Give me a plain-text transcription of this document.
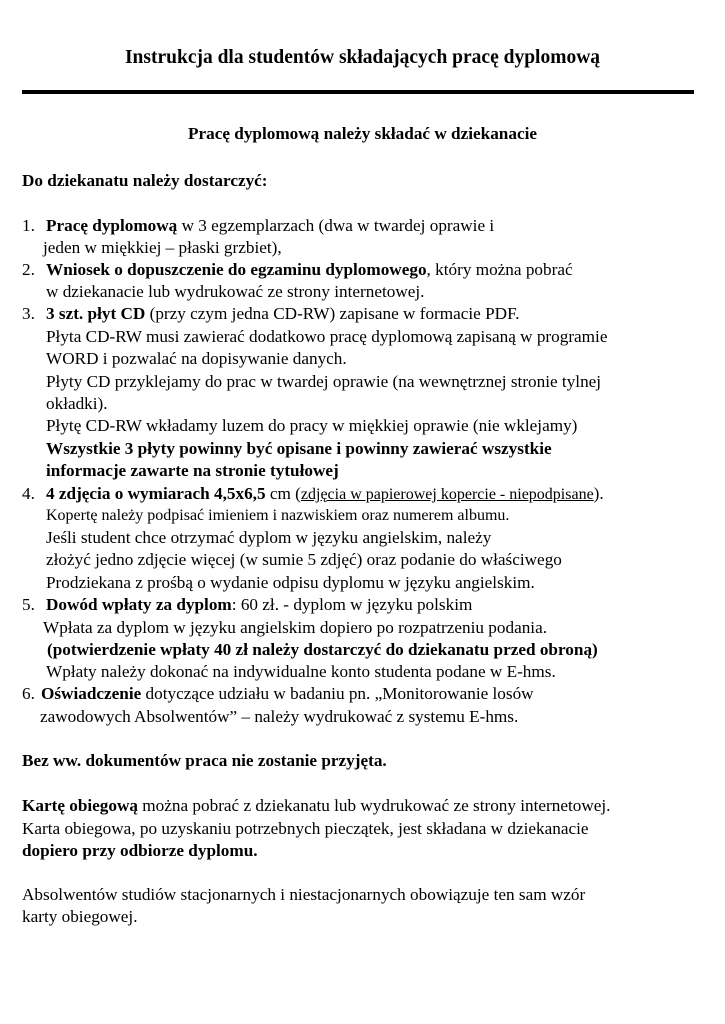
Instrukcja dla studentów składających pracę dyplomową

Pracę dyplomową należy składać w dziekanacie

Do dziekanatu należy dostarczyć:

1. Pracę dyplomową w 3 egzemplarzach (dwa w twardej oprawie i

jeden w miękkiej – płaski grzbiet),

2. Wniosek o dopuszczenie do egzaminu dyplomowego, który można pobrać

w dziekanacie lub wydrukować ze strony internetowej.

3. 3 szt. płyt CD (przy czym jedna CD-RW) zapisane w formacie PDF.

Płyta CD-RW musi zawierać dodatkowo pracę dyplomową zapisaną w programie

WORD i pozwalać na dopisywanie danych.

Płyty CD przyklejamy do prac w twardej oprawie (na wewnętrznej stronie tylnej

okładki).

Płytę CD-RW wkładamy luzem do pracy w miękkiej oprawie (nie wklejamy)

Wszystkie 3 płyty powinny być opisane i powinny zawierać wszystkie

informacje zawarte na stronie tytułowej

4. 4 zdjęcia o wymiarach 4,5x6,5 cm (zdjęcia w papierowej kopercie - niepodpisane).

Kopertę należy podpisać imieniem i nazwiskiem oraz numerem albumu.

Jeśli student chce otrzymać dyplom w języku angielskim, należy

złożyć jedno zdjęcie więcej (w sumie 5 zdjęć) oraz podanie do właściwego

Prodziekana z prośbą o wydanie odpisu dyplomu w języku angielskim.

5. Dowód wpłaty za dyplom: 60 zł. - dyplom w języku polskim

Wpłata za dyplom w języku angielskim dopiero po rozpatrzeniu podania.

(potwierdzenie wpłaty 40 zł należy dostarczyć do dziekanatu przed obroną)

Wpłaty należy dokonać na indywidualne konto studenta podane w E-hms.

6. Oświadczenie dotyczące udziału w badaniu pn. „Monitorowanie losów

zawodowych Absolwentów” – należy wydrukować z systemu E-hms.

Bez ww. dokumentów praca nie zostanie przyjęta.

Kartę obiegową można pobrać z dziekanatu lub wydrukować ze strony internetowej.

Karta obiegowa, po uzyskaniu potrzebnych pieczątek, jest składana w dziekanacie

dopiero przy odbiorze dyplomu.

Absolwentów studiów stacjonarnych i niestacjonarnych obowiązuje ten sam wzór

karty obiegowej.
